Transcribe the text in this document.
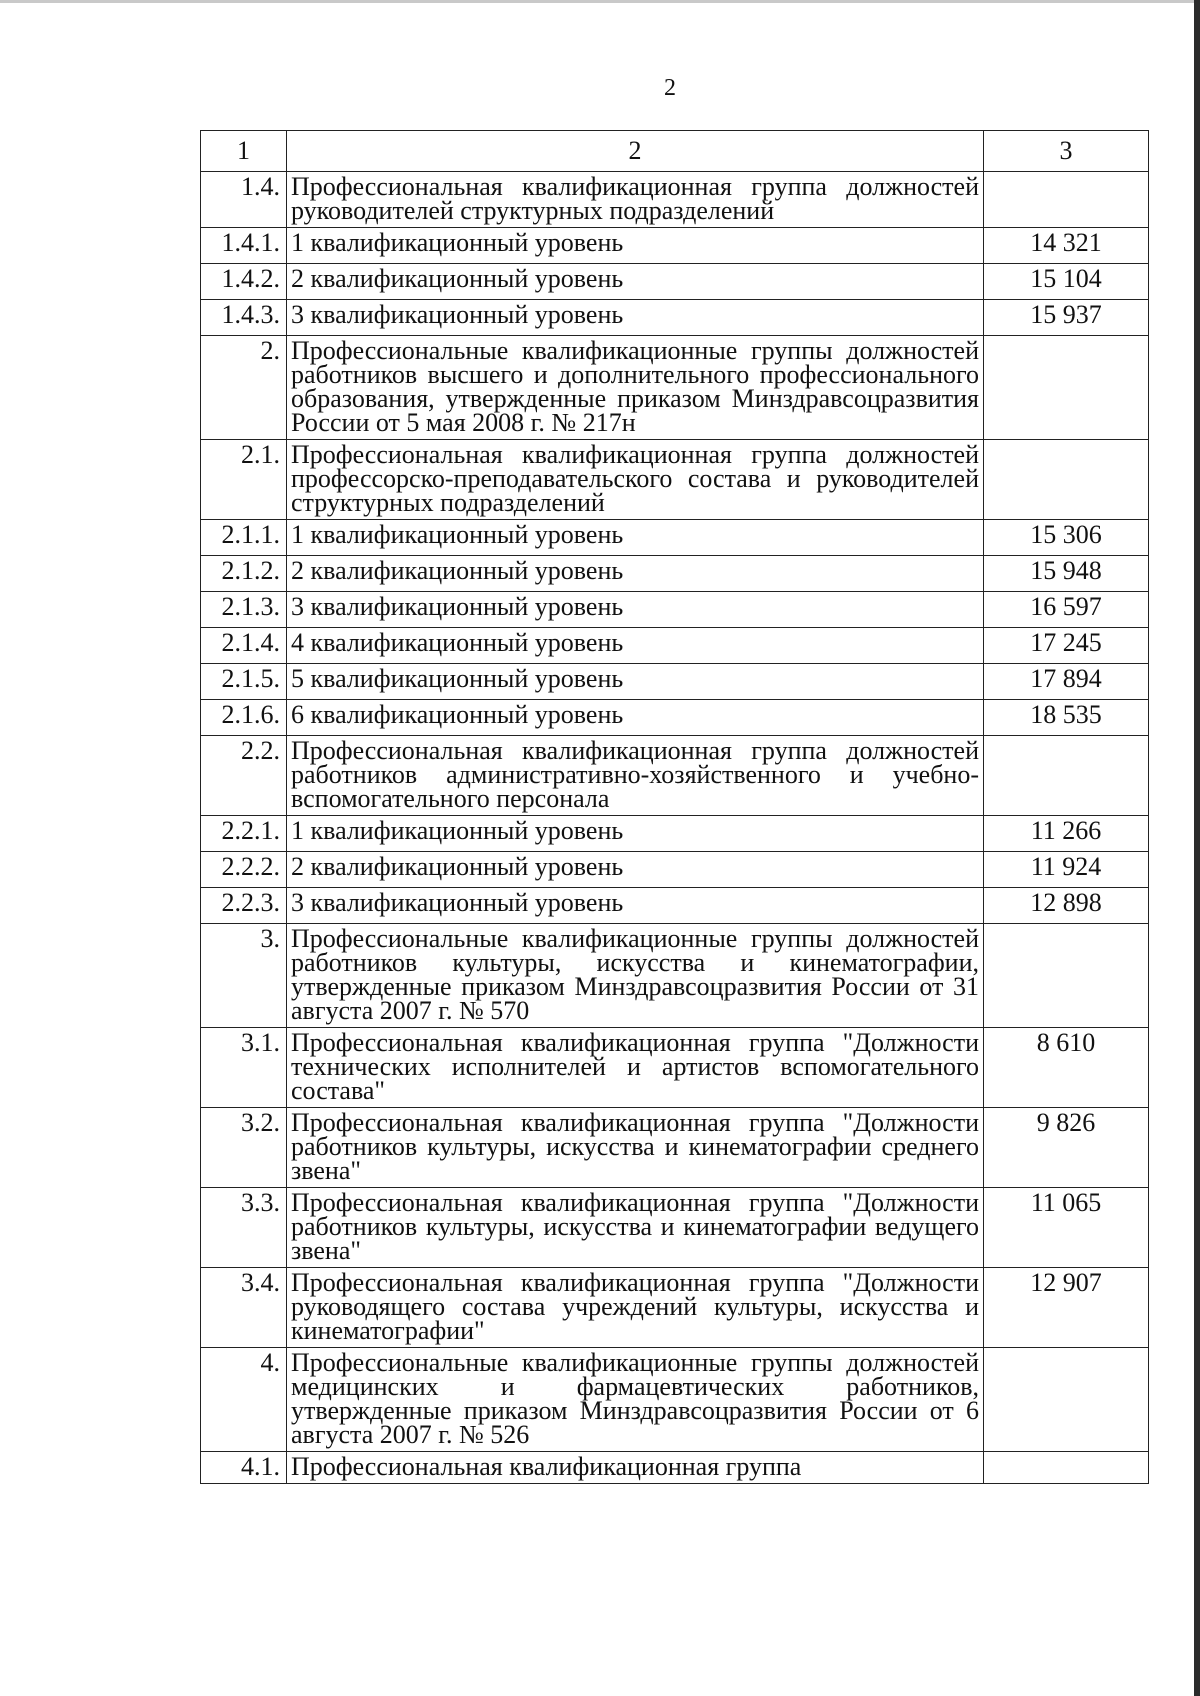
2
1	2	3
1.4.	Профессиональная квалификационная группа должностей руководителей структурных подразделений	
1.4.1.	1 квалификационный уровень	14 321
1.4.2.	2 квалификационный уровень	15 104
1.4.3.	3 квалификационный уровень	15 937
2.	Профессиональные квалификационные группы должностей работников высшего и дополнительного профессионального образования, утвержденные приказом Минздравсоцразвития России от 5 мая 2008 г. № 217н	
2.1.	Профессиональная квалификационная группа должностей профессорско-преподавательского состава и руководителей структурных подразделений	
2.1.1.	1 квалификационный уровень	15 306
2.1.2.	2 квалификационный уровень	15 948
2.1.3.	3 квалификационный уровень	16 597
2.1.4.	4 квалификационный уровень	17 245
2.1.5.	5 квалификационный уровень	17 894
2.1.6.	6 квалификационный уровень	18 535
2.2.	Профессиональная квалификационная группа должностей работников административно-хозяйственного и учебно-вспомогательного персонала	
2.2.1.	1 квалификационный уровень	11 266
2.2.2.	2 квалификационный уровень	11 924
2.2.3.	3 квалификационный уровень	12 898
3.	Профессиональные квалификационные группы должностей работников культуры, искусства и кинематографии, утвержденные приказом Минздравсоцразвития России от 31 августа 2007 г. № 570	
3.1.	Профессиональная квалификационная группа "Должности технических исполнителей и артистов вспомогательного состава"	8 610
3.2.	Профессиональная квалификационная группа "Должности работников культуры, искусства и кинематографии среднего звена"	9 826
3.3.	Профессиональная квалификационная группа "Должности работников культуры, искусства и кинематографии ведущего звена"	11 065
3.4.	Профессиональная квалификационная группа "Должности руководящего состава учреждений культуры, искусства и кинематографии"	12 907
4.	Профессиональные квалификационные группы должностей медицинских и фармацевтических работников, утвержденные приказом Минздравсоцразвития России от 6 августа 2007 г. № 526	
4.1.	Профессиональная квалификационная группа	
